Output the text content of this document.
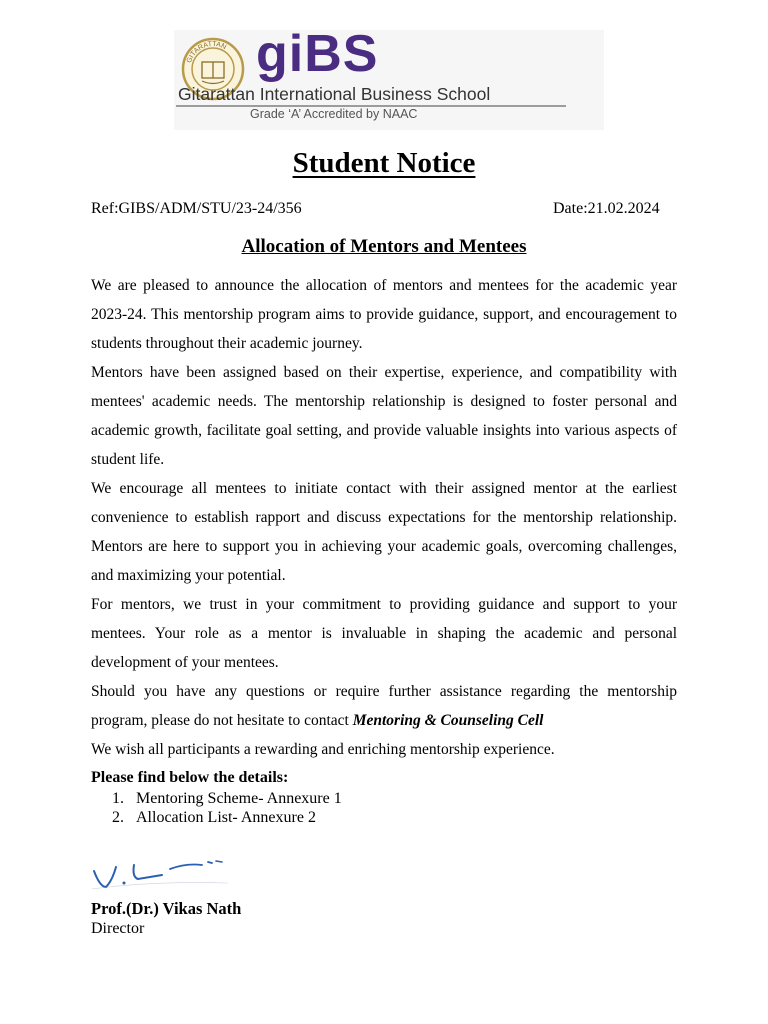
GITARATTAN giBS
Gitarattan International Business School
Grade ‘A’ Accredited by NAAC
Student Notice
Ref:GIBS/ADM/STU/23-24/356	Date:21.02.2024
Allocation of Mentors and Mentees

We are pleased to announce the allocation of mentors and mentees for the academic year 2023-24. This mentorship program aims to provide guidance, support, and encouragement to students throughout their academic journey.

Mentors have been assigned based on their expertise, experience, and compatibility with mentees' academic needs. The mentorship relationship is designed to foster personal and academic growth, facilitate goal setting, and provide valuable insights into various aspects of student life.

We encourage all mentees to initiate contact with their assigned mentor at the earliest convenience to establish rapport and discuss expectations for the mentorship relationship. Mentors are here to support you in achieving your academic goals, overcoming challenges, and maximizing your potential.

For mentors, we trust in your commitment to providing guidance and support to your mentees. Your role as a mentor is invaluable in shaping the academic and personal development of your mentees.

Should you have any questions or require further assistance regarding the mentorship program, please do not hesitate to contact Mentoring & Counseling Cell

We wish all participants a rewarding and enriching mentorship experience.

Please find below the details:
1. Mentoring Scheme- Annexure 1
2. Allocation List- Annexure 2
Prof.(Dr.) Vikas Nath
Director
